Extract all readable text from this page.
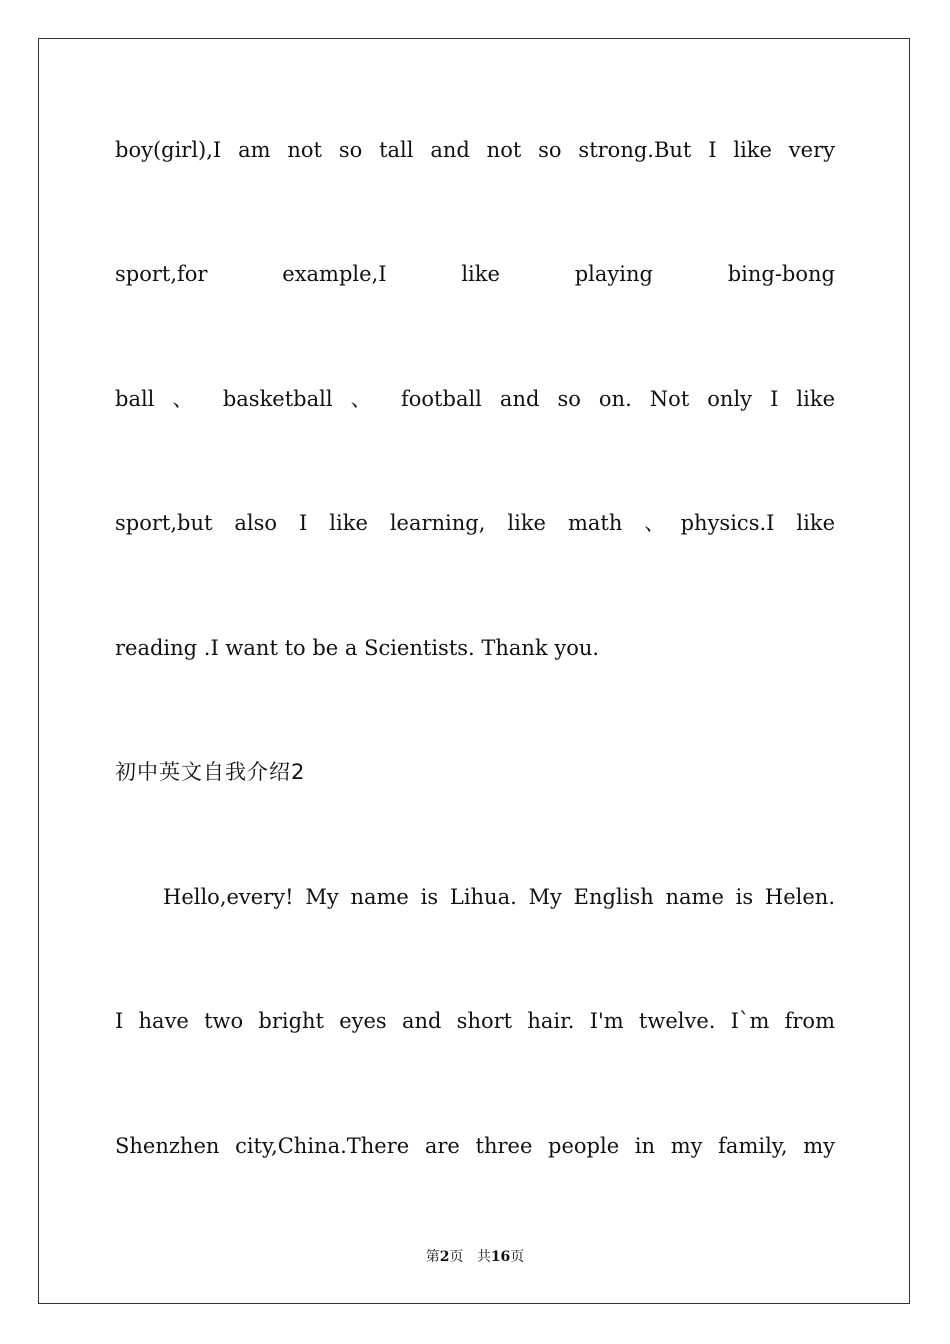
boy(girl),I am not so tall and not so strong.But I like very
sport,for example,I like playing bing-bong
ball 、 basketball 、 football and so on. Not only I like
sport,but also I like learning, like math 、physics.I like
reading .I want to be a Scientists. Thank you.
初中英文自我介绍2
Hello,every! My name is Lihua. My English name is Helen.
I have two bright eyes and short hair. I'm twelve. I`m from
Shenzhen city,China.There are three people in my family, my
第2页 共16页
